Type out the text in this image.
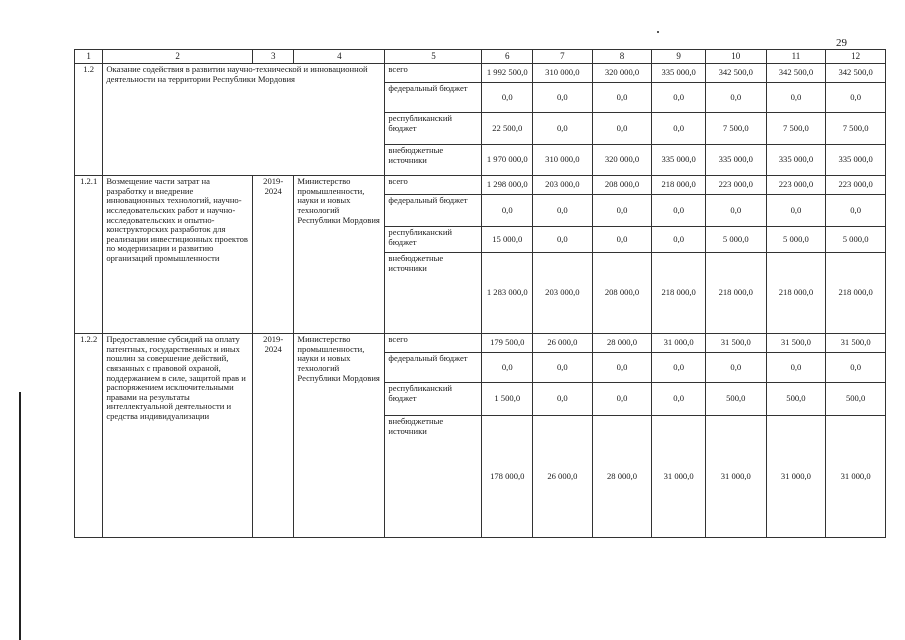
29
1	2	3	4	5	6	7	8	9	10	11	12
1.2	Оказание содействия в развитии научно-технической и инновационной деятельности на территории Республики Мордовия			всего	1 992 500,0	310 000,0	320 000,0	335 000,0	342 500,0	342 500,0	342 500,0
				федеральный бюджет	0,0	0,0	0,0	0,0	0,0	0,0	0,0
				республиканский бюджет	22 500,0	0,0	0,0	0,0	7 500,0	7 500,0	7 500,0
				внебюджетные источники	1 970 000,0	310 000,0	320 000,0	335 000,0	335 000,0	335 000,0	335 000,0
1.2.1	Возмещение части затрат на разработку и внедрение инновационных технологий, научно-исследовательских работ и научно-исследовательских и опытно-конструкторских разработок для реализации инвестиционных проектов по модернизации и развитию организаций промышленности	2019-2024	Министерство промышленности, науки и новых технологий Республики Мордовия	всего	1 298 000,0	203 000,0	208 000,0	218 000,0	223 000,0	223 000,0	223 000,0
				федеральный бюджет	0,0	0,0	0,0	0,0	0,0	0,0	0,0
				республиканский бюджет	15 000,0	0,0	0,0	0,0	5 000,0	5 000,0	5 000,0
				внебюджетные источники	1 283 000,0	203 000,0	208 000,0	218 000,0	218 000,0	218 000,0	218 000,0
1.2.2	Предоставление субсидий на оплату патентных, государственных и иных пошлин за совершение действий, связанных с правовой охраной, поддержанием в силе, защитой прав и распоряжением исключительными правами на результаты интеллектуальной деятельности и средства индивидуализации	2019-2024	Министерство промышленности, науки и новых технологий Республики Мордовия	всего	179 500,0	26 000,0	28 000,0	31 000,0	31 500,0	31 500,0	31 500,0
				федеральный бюджет	0,0	0,0	0,0	0,0	0,0	0,0	0,0
				республиканский бюджет	1 500,0	0,0	0,0	0,0	500,0	500,0	500,0
				внебюджетные источники	178 000,0	26 000,0	28 000,0	31 000,0	31 000,0	31 000,0	31 000,0
